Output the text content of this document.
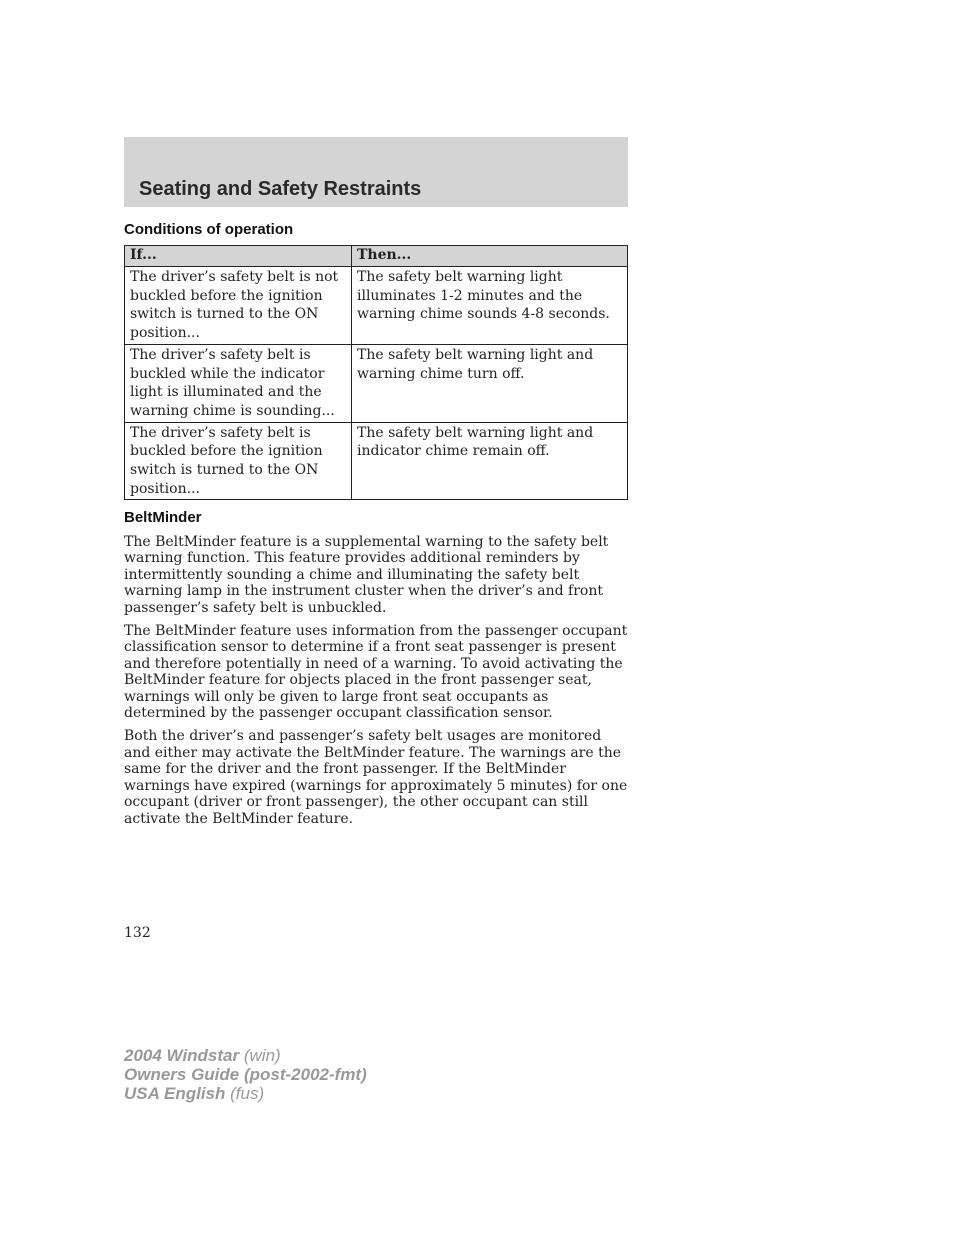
Seating and Safety Restraints
Conditions of operation
If...	Then...
The driver’s safety belt is not buckled before the ignition switch is turned to the ON position...	The safety belt warning light illuminates 1-2 minutes and the warning chime sounds 4-8 seconds.
The driver’s safety belt is buckled while the indicator light is illuminated and the warning chime is sounding...	The safety belt warning light and warning chime turn off.
The driver’s safety belt is buckled before the ignition switch is turned to the ON position...	The safety belt warning light and indicator chime remain off.
BeltMinder

The BeltMinder feature is a supplemental warning to the safety belt warning function. This feature provides additional reminders by intermittently sounding a chime and illuminating the safety belt warning lamp in the instrument cluster when the driver’s and front passenger’s safety belt is unbuckled.

The BeltMinder feature uses information from the passenger occupant classification sensor to determine if a front seat passenger is present and therefore potentially in need of a warning. To avoid activating the BeltMinder feature for objects placed in the front passenger seat, warnings will only be given to large front seat occupants as determined by the passenger occupant classification sensor.

Both the driver’s and passenger’s safety belt usages are monitored and either may activate the BeltMinder feature. The warnings are the same for the driver and the front passenger. If the BeltMinder warnings have expired (warnings for approximately 5 minutes) for one occupant (driver or front passenger), the other occupant can still activate the BeltMinder feature.

132

2004 Windstar (win)
Owners Guide (post-2002-fmt)
USA English (fus)
